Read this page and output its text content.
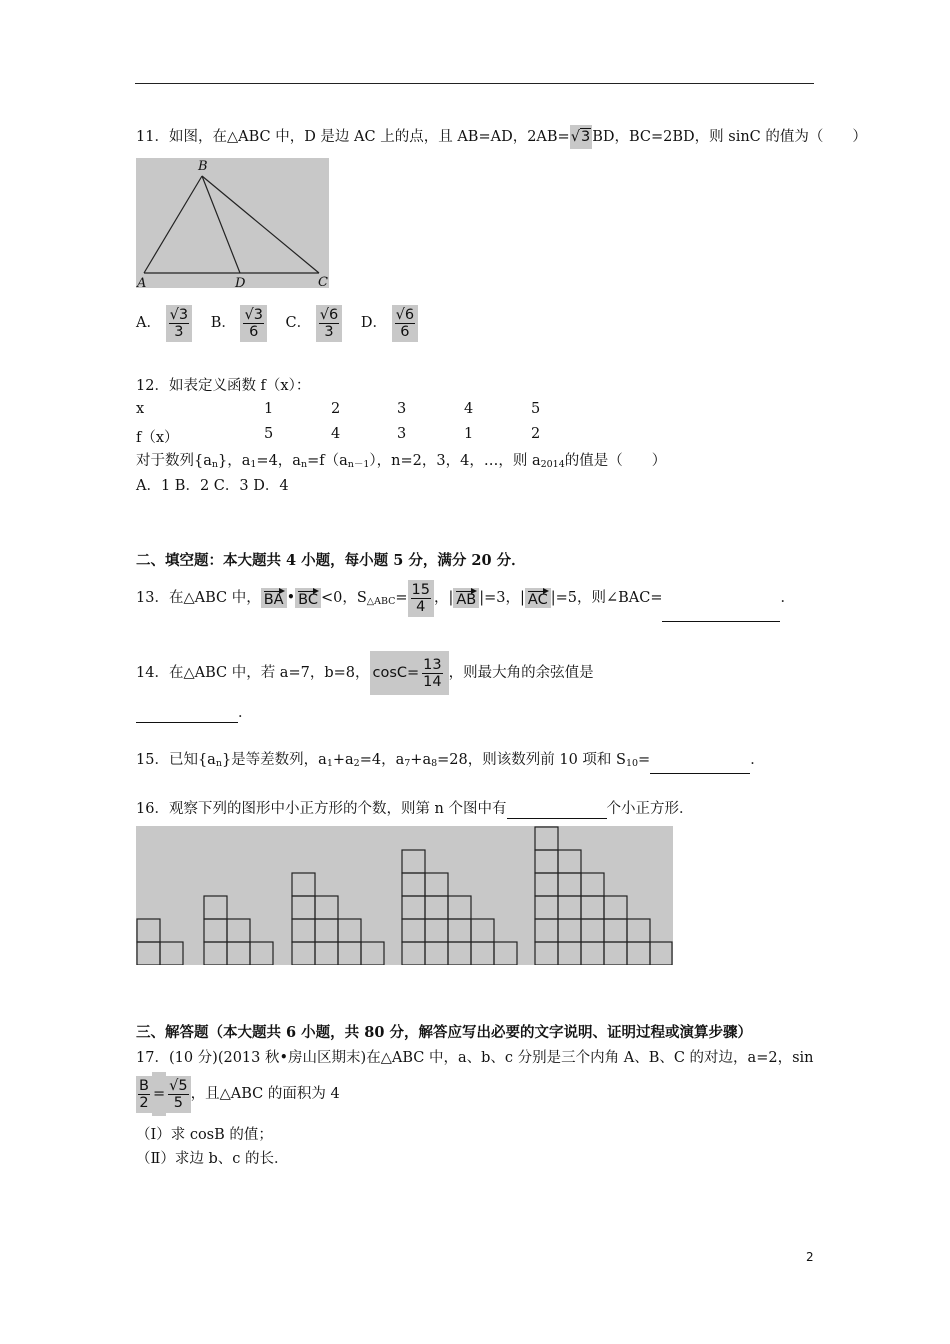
11．如图，在△ABC 中，D 是边 AC 上的点，且 AB=AD，2AB=√3 BD，BC=2BD，则 sinC 的值为（　　）
B
A	D	C
A． $\frac{√3}{3}$ B． $\frac{√3}{6}$ C． $\frac{√6}{3}$ D． $\frac{√6}{6}$
12．如表定义函数 f（x）：
x	1	2	3	4	5
f（x）	5	4	3	1	2
对于数列$\{a_n\}$，$a_1=4$，$a_n=f(a_{n-1})$，n=2，3，4，…，则 $a_{2014}$的值是（　　）
A．1 B．2 C．3 D．4
二、填空题：本大题共 4 小题，每小题 5 分，满分 20 分．
13．在△ABC 中， BA • BC <0，$S_{\triangle ABC}= \frac{15}{4}$ ，| AB |=3，| AC |=5，则∠BAC=	．
14．在△ABC 中，若 a=7，b=8， $\cos C= \frac{13}{14}$ ，则最大角的余弦值是
．
15．已知$\{a_n\}$是等差数列，$a_1+a_2=4$，$a_7+a_8=28$，则该数列前 10 项和 $S_{10}=$	．
16．观察下列的图形中小正方形的个数，则第 n 个图中有	个小正方形．
三、解答题（本大题共 6 小题，共 80 分，解答应写出必要的文字说明、证明过程或演算步骤）
17．(10 分)(2013 秋•房山区期末)在△ABC 中，a、b、c 分别是三个内角 A、B、C 的对边，a=2，sin
$\frac{B}{2} = \frac{√5}{5}$ ，且△ABC 的面积为 4
（Ⅰ）求 cosB 的值；
（Ⅱ）求边 b、c 的长．
2
